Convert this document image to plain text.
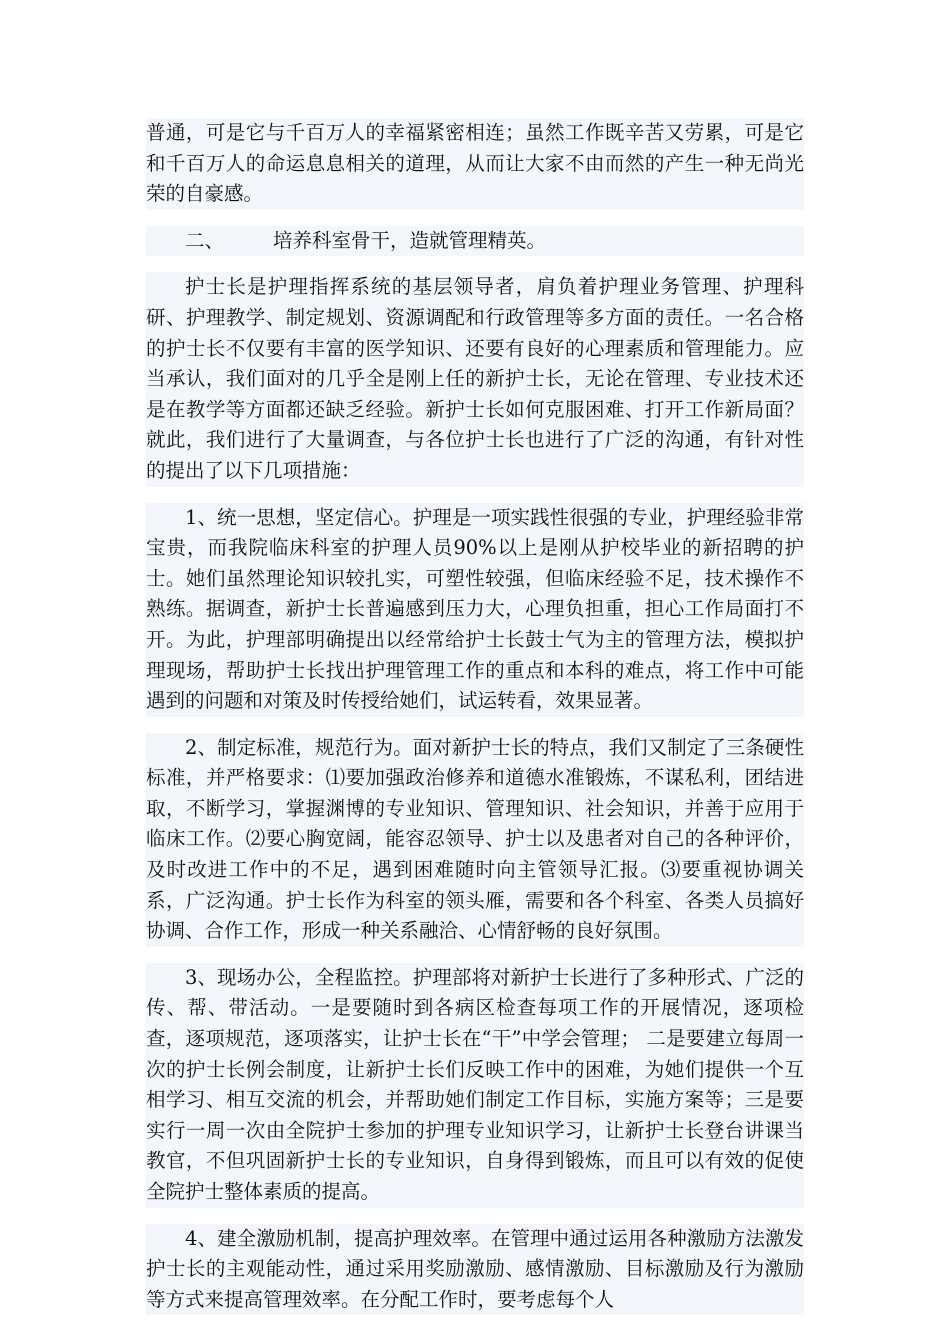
普通，可是它与千百万人的幸福紧密相连；虽然工作既辛苦又劳累，可是它和千百万人的命运息息相关的道理，从而让大家不由而然的产生一种无尚光荣的自豪感。

二、	培养科室骨干，造就管理精英。

护士长是护理指挥系统的基层领导者，肩负着护理业务管理、护理科研、护理教学、制定规划、资源调配和行政管理等多方面的责任。一名合格的护士长不仅要有丰富的医学知识、还要有良好的心理素质和管理能力。应当承认，我们面对的几乎全是刚上任的新护士长，无论在管理、专业技术还是在教学等方面都还缺乏经验。新护士长如何克服困难、打开工作新局面？就此，我们进行了大量调查，与各位护士长也进行了广泛的沟通，有针对性的提出了以下几项措施：

1、统一思想，坚定信心。护理是一项实践性很强的专业，护理经验非常宝贵，而我院临床科室的护理人员90%以上是刚从护校毕业的新招聘的护士。她们虽然理论知识较扎实，可塑性较强，但临床经验不足，技术操作不熟练。据调查，新护士长普遍感到压力大，心理负担重，担心工作局面打不开。为此，护理部明确提出以经常给护士长鼓士气为主的管理方法，模拟护理现场，帮助护士长找出护理管理工作的重点和本科的难点，将工作中可能遇到的问题和对策及时传授给她们，试运转看，效果显著。

2、制定标准，规范行为。面对新护士长的特点，我们又制定了三条硬性标准，并严格要求：⑴要加强政治修养和道德水准锻炼，不谋私利，团结进取，不断学习，掌握渊博的专业知识、管理知识、社会知识，并善于应用于临床工作。⑵要心胸宽阔，能容忍领导、护士以及患者对自己的各种评价，及时改进工作中的不足，遇到困难随时向主管领导汇报。⑶要重视协调关系，广泛沟通。护士长作为科室的领头雁，需要和各个科室、各类人员搞好协调、合作工作，形成一种关系融洽、心情舒畅的良好氛围。

3、现场办公，全程监控。护理部将对新护士长进行了多种形式、广泛的传、帮、带活动。一是要随时到各病区检查每项工作的开展情况，逐项检查，逐项规范，逐项落实，让护士长在“干”中学会管理； 二是要建立每周一次的护士长例会制度，让新护士长们反映工作中的困难，为她们提供一个互相学习、相互交流的机会，并帮助她们制定工作目标，实施方案等；三是要实行一周一次由全院护士参加的护理专业知识学习，让新护士长登台讲课当教官，不但巩固新护士长的专业知识，自身得到锻炼，而且可以有效的促使全院护士整体素质的提高。

4、建全激励机制，提高护理效率。在管理中通过运用各种激励方法激发护士长的主观能动性，通过采用奖励激励、感情激励、目标激励及行为激励等方式来提高管理效率。在分配工作时，要考虑每个人
